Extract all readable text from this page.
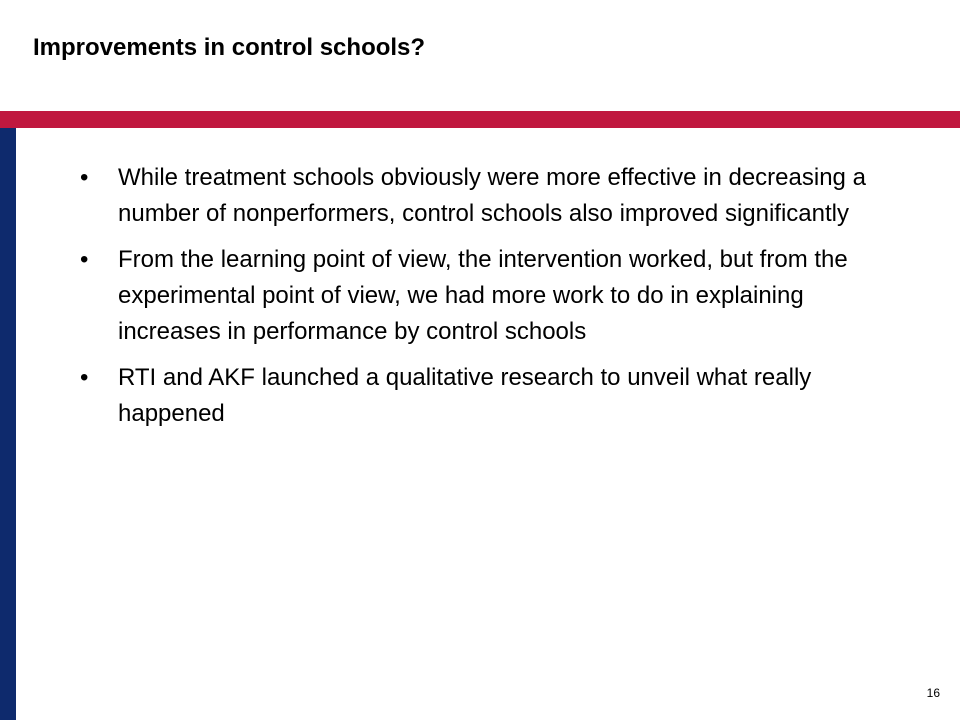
Improvements in control schools?
• While treatment schools obviously were more effective in decreasing a number of nonperformers, control schools also improved significantly
• From the learning point of view, the intervention worked, but from the experimental point of view, we had more work to do in explaining increases in performance by control schools
• RTI and AKF launched a qualitative research to unveil what really happened
16
